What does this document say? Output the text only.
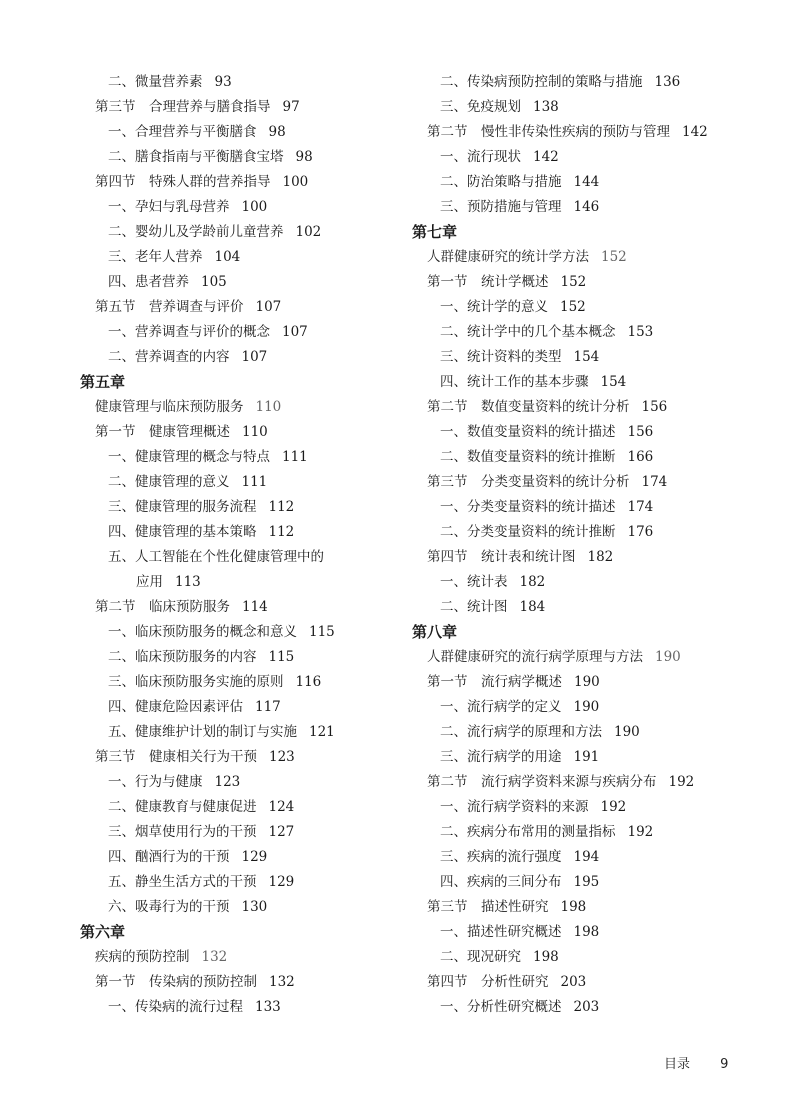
二、微量营养素 93
第三节　合理营养与膳食指导 97
一、合理营养与平衡膳食 98
二、膳食指南与平衡膳食宝塔 98
第四节　特殊人群的营养指导 100
一、孕妇与乳母营养 100
二、婴幼儿及学龄前儿童营养 102
三、老年人营养 104
四、患者营养 105
第五节　营养调查与评价 107
一、营养调查与评价的概念 107
二、营养调查的内容 107
第五章
健康管理与临床预防服务 110
第一节　健康管理概述 110
一、健康管理的概念与特点 111
二、健康管理的意义 111
三、健康管理的服务流程 112
四、健康管理的基本策略 112
五、人工智能在个性化健康管理中的
应用 113
第二节　临床预防服务 114
一、临床预防服务的概念和意义 115
二、临床预防服务的内容 115
三、临床预防服务实施的原则 116
四、健康危险因素评估 117
五、健康维护计划的制订与实施 121
第三节　健康相关行为干预 123
一、行为与健康 123
二、健康教育与健康促进 124
三、烟草使用行为的干预 127
四、酗酒行为的干预 129
五、静坐生活方式的干预 129
六、吸毒行为的干预 130
第六章
疾病的预防控制 132
第一节　传染病的预防控制 132
一、传染病的流行过程 133
二、传染病预防控制的策略与措施 136
三、免疫规划 138
第二节　慢性非传染性疾病的预防与管理 142
一、流行现状 142
二、防治策略与措施 144
三、预防措施与管理 146
第七章
人群健康研究的统计学方法 152
第一节　统计学概述 152
一、统计学的意义 152
二、统计学中的几个基本概念 153
三、统计资料的类型 154
四、统计工作的基本步骤 154
第二节　数值变量资料的统计分析 156
一、数值变量资料的统计描述 156
二、数值变量资料的统计推断 166
第三节　分类变量资料的统计分析 174
一、分类变量资料的统计描述 174
二、分类变量资料的统计推断 176
第四节　统计表和统计图 182
一、统计表 182
二、统计图 184
第八章
人群健康研究的流行病学原理与方法 190
第一节　流行病学概述 190
一、流行病学的定义 190
二、流行病学的原理和方法 190
三、流行病学的用途 191
第二节　流行病学资料来源与疾病分布 192
一、流行病学资料的来源 192
二、疾病分布常用的测量指标 192
三、疾病的流行强度 194
四、疾病的三间分布 195
第三节　描述性研究 198
一、描述性研究概述 198
二、现况研究 198
第四节　分析性研究 203
一、分析性研究概述 203
目录 9
